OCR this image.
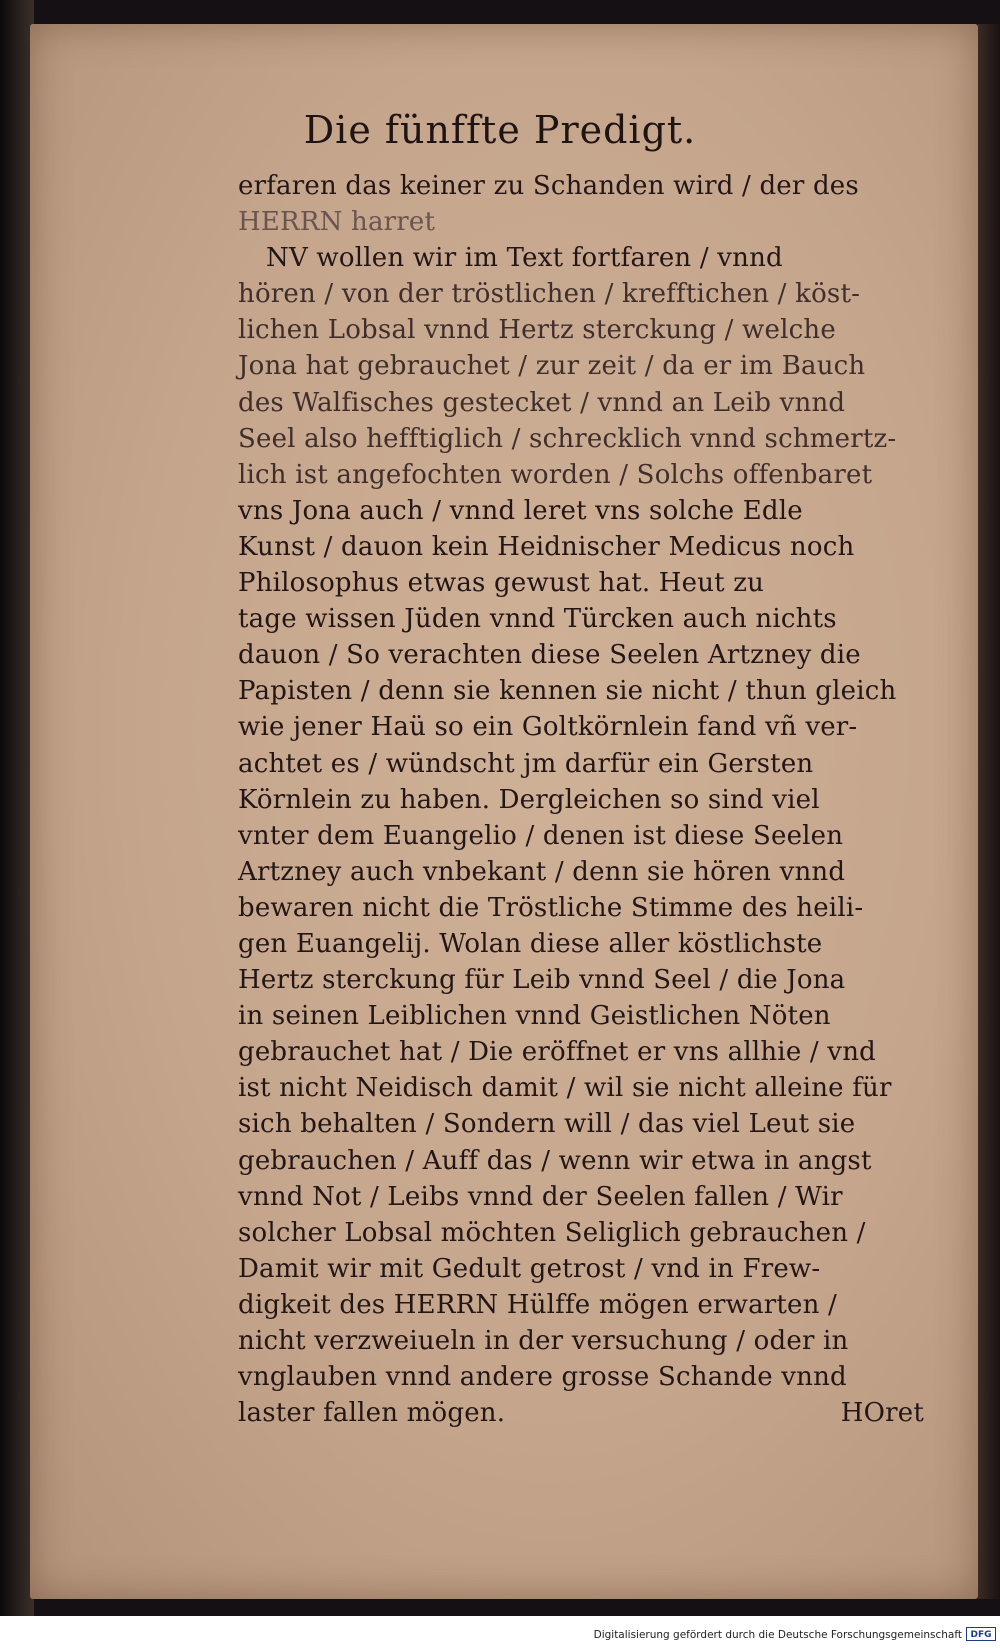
Die fünffte Predigt.
erfaren das keiner zu Schanden wird / der des
HERRN harret
NV wollen wir im Text fortfaren / vnnd
hören / von der tröstlichen / krefftichen / köst-
lichen Lobsal vnnd Hertz sterckung / welche
Jona hat gebrauchet / zur zeit / da er im Bauch
des Walfisches gestecket / vnnd an Leib vnnd
Seel also hefftiglich / schrecklich vnnd schmertz-
lich ist angefochten worden / Solchs offenbaret
vns Jona auch / vnnd leret vns solche Edle
Kunst / dauon kein Heidnischer Medicus noch
Philosophus etwas gewust hat. Heut zu
tage wissen Jüden vnnd Türcken auch nichts
dauon / So verachten diese Seelen Artzney die
Papisten / denn sie kennen sie nicht / thun gleich
wie jener Haü so ein Goltkörnlein fand vñ ver-
achtet es / wündscht jm darfür ein Gersten
Körnlein zu haben. Dergleichen so sind viel
vnter dem Euangelio / denen ist diese Seelen
Artzney auch vnbekant / denn sie hören vnnd
bewaren nicht die Tröstliche Stimme des heili-
gen Euangelij. Wolan diese aller köstlichste
Hertz sterckung für Leib vnnd Seel / die Jona
in seinen Leiblichen vnnd Geistlichen Nöten
gebrauchet hat / Die eröffnet er vns allhie / vnd
ist nicht Neidisch damit / wil sie nicht alleine für
sich behalten / Sondern will / das viel Leut sie
gebrauchen / Auff das / wenn wir etwa in angst
vnnd Not / Leibs vnnd der Seelen fallen / Wir
solcher Lobsal möchten Seliglich gebrauchen /
Damit wir mit Gedult getrost / vnd in Frew-
digkeit des HERRN Hülffe mögen erwarten /
nicht verzweiueln in der versuchung / oder in
vnglauben vnnd andere grosse Schande vnnd
laster fallen mögen.	HOret
Digitalisierung gefördert durch die Deutsche Forschungsgemeinschaft DFG
